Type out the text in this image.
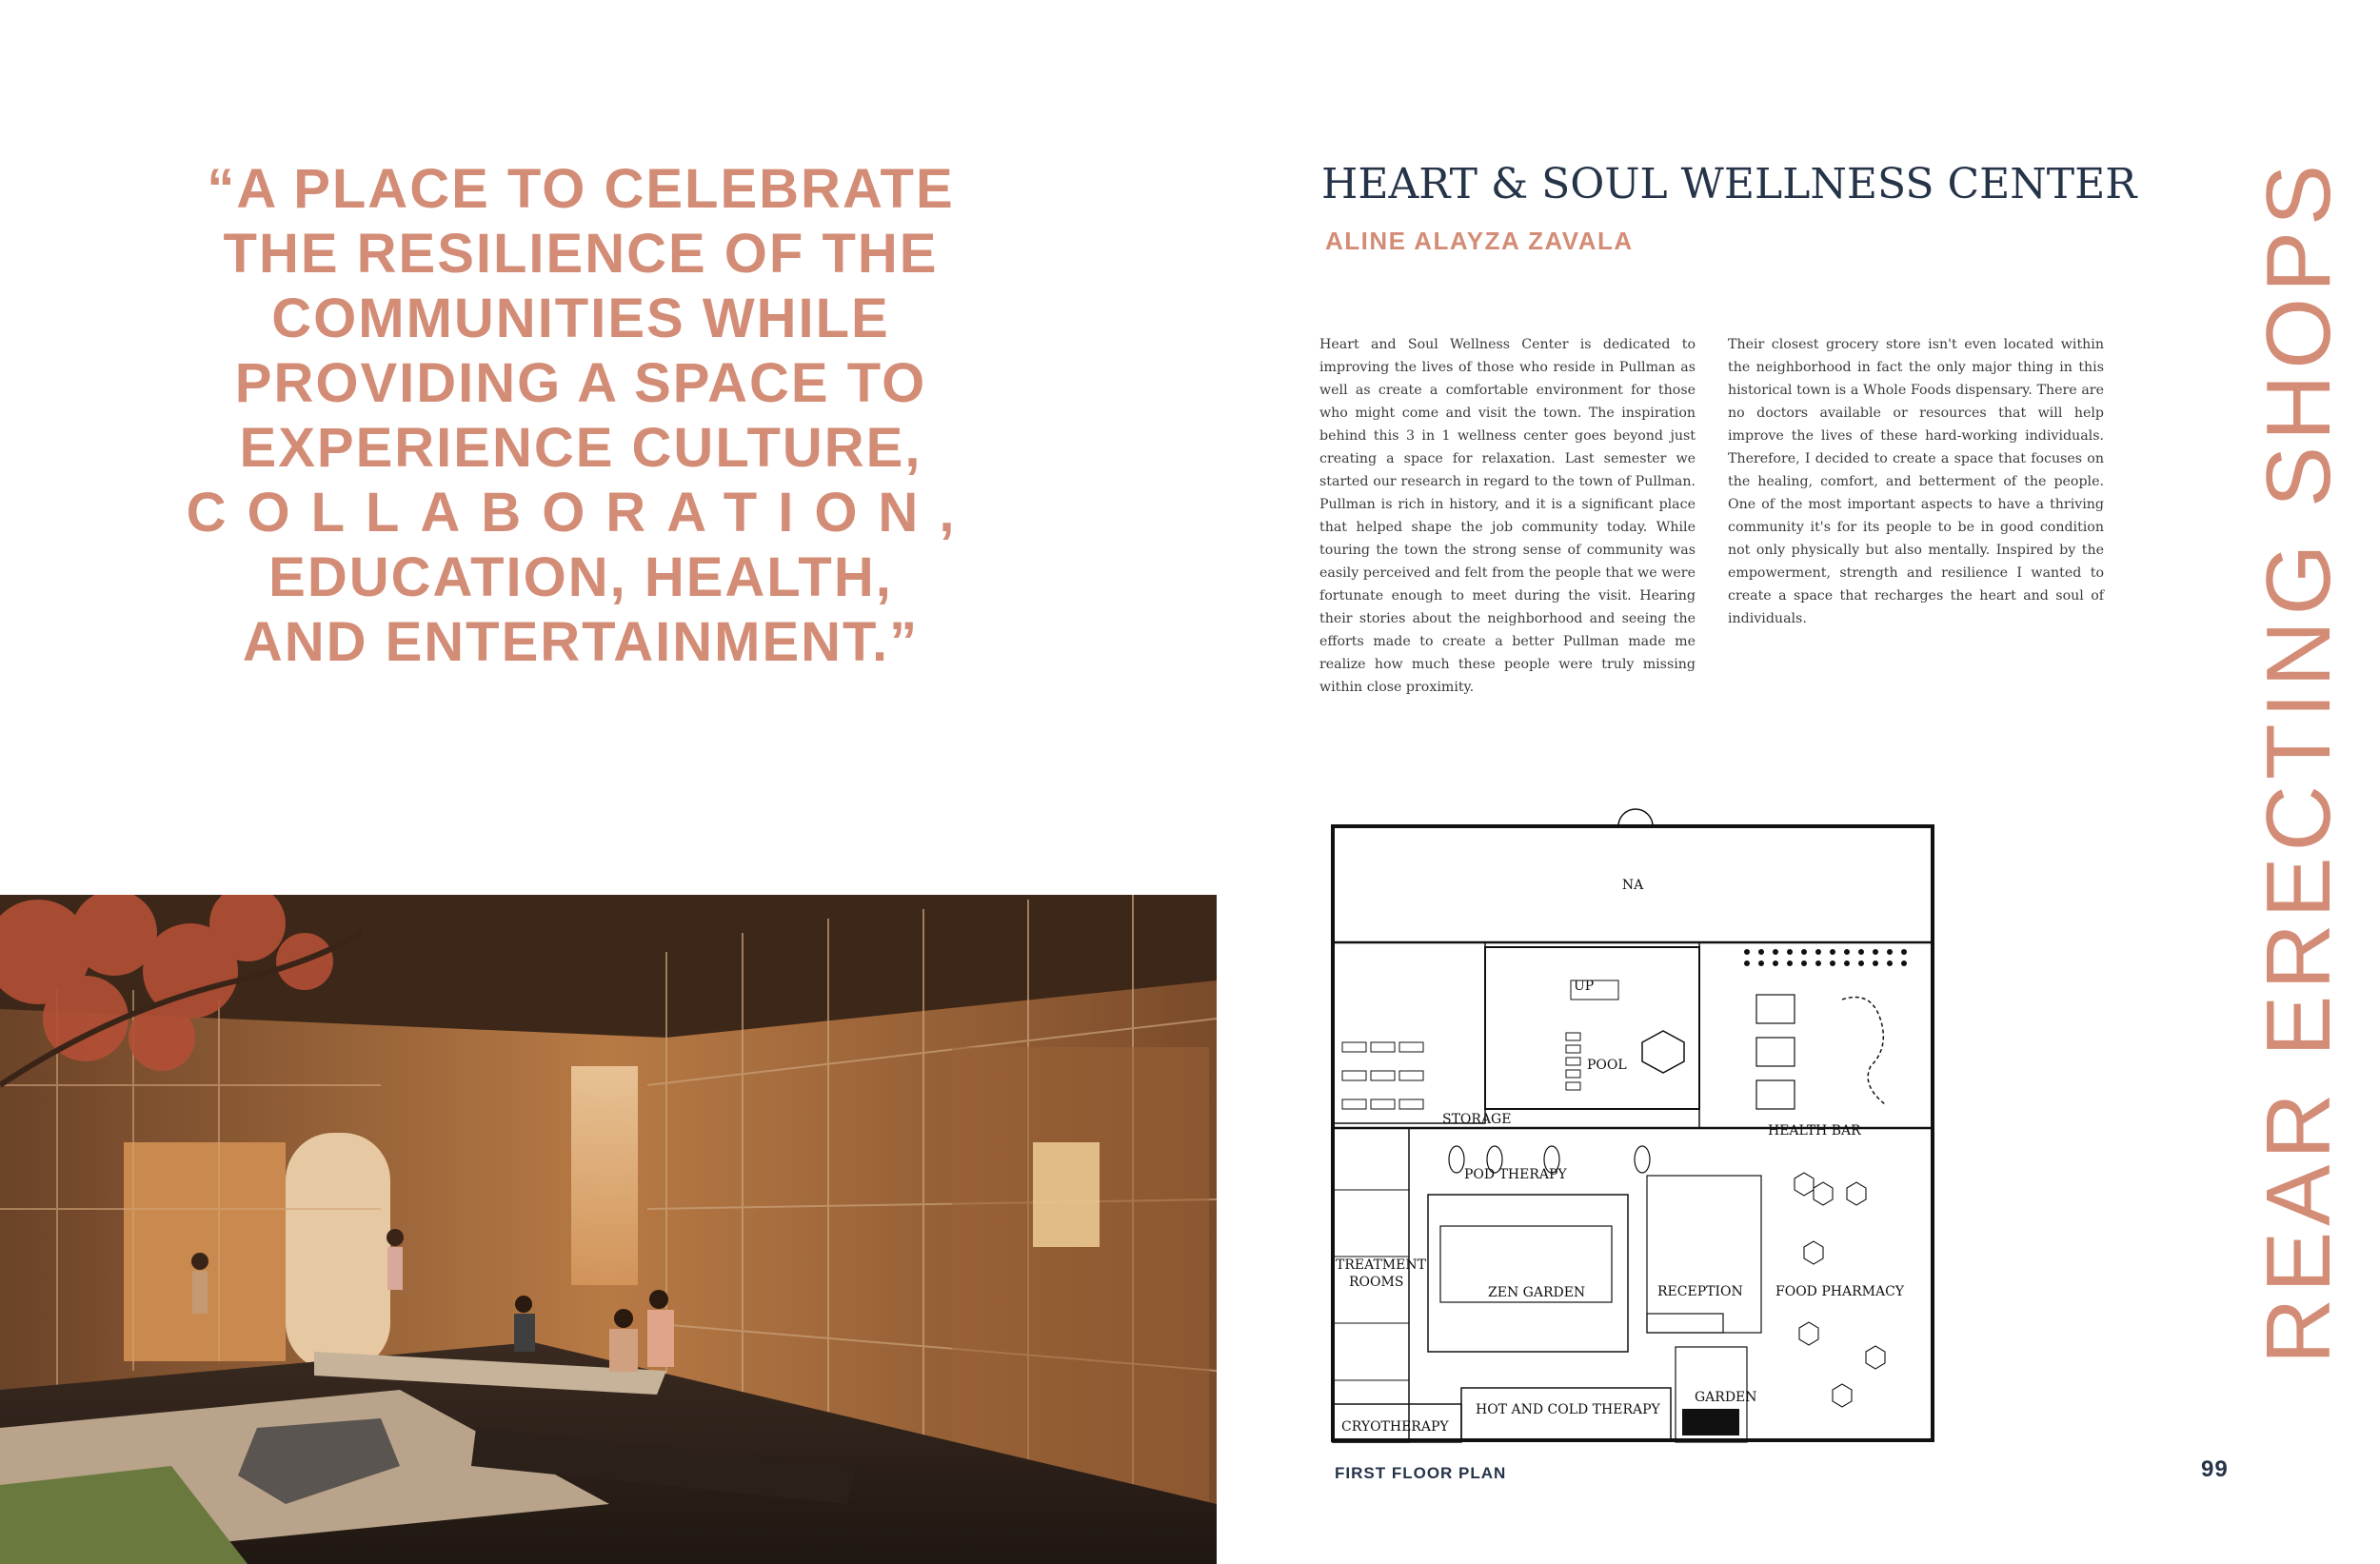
“A PLACE TO CELEBRATE
THE RESILIENCE OF THE
COMMUNITIES WHILE
PROVIDING A SPACE TO
EXPERIENCE CULTURE,
COLLABORATION,
EDUCATION, HEALTH,
AND ENTERTAINMENT.”
HEART & SOUL WELLNESS CENTER

ALINE ALAYZA ZAVALA

Heart and Soul Wellness Center is dedicated to improving the lives of those who reside in Pullman as well as create a comfortable environment for those who might come and visit the town. The inspiration behind this 3 in 1 wellness center goes beyond just creating a space for relaxation. Last semester we started our research in regard to the town of Pullman. Pullman is rich in history, and it is a significant place that helped shape the job community today. While touring the town the strong sense of community was easily perceived and felt from the people that we were fortunate enough to meet during the visit. Hearing their stories about the neighborhood and seeing the efforts made to create a better Pullman made me realize how much these people were truly missing within close proximity.

Their closest grocery store isn't even located within the neighborhood in fact the only major thing in this historical town is a Whole Foods dispensary. There are no doctors available or resources that will help improve the lives of these hard-working individuals. Therefore, I decided to create a space that focuses on the healing, comfort, and betterment of the people. One of the most important aspects to have a thriving community it's for its people to be in good condition not only physically but also mentally. Inspired by the empowerment, strength and resilience I wanted to create a space that recharges the heart and soul of individuals.	REAR ERECTING SHOPS
NA
STORAGE
UP
POOL
HEALTH BAR
POD THERAPY
TREATMENT
ROOMS
ZEN GARDEN	RECEPTION FOOD PHARMACY
GARDEN
HOT AND COLD THERAPY
CRYOTHERAPY

FIRST FLOOR PLAN	99
